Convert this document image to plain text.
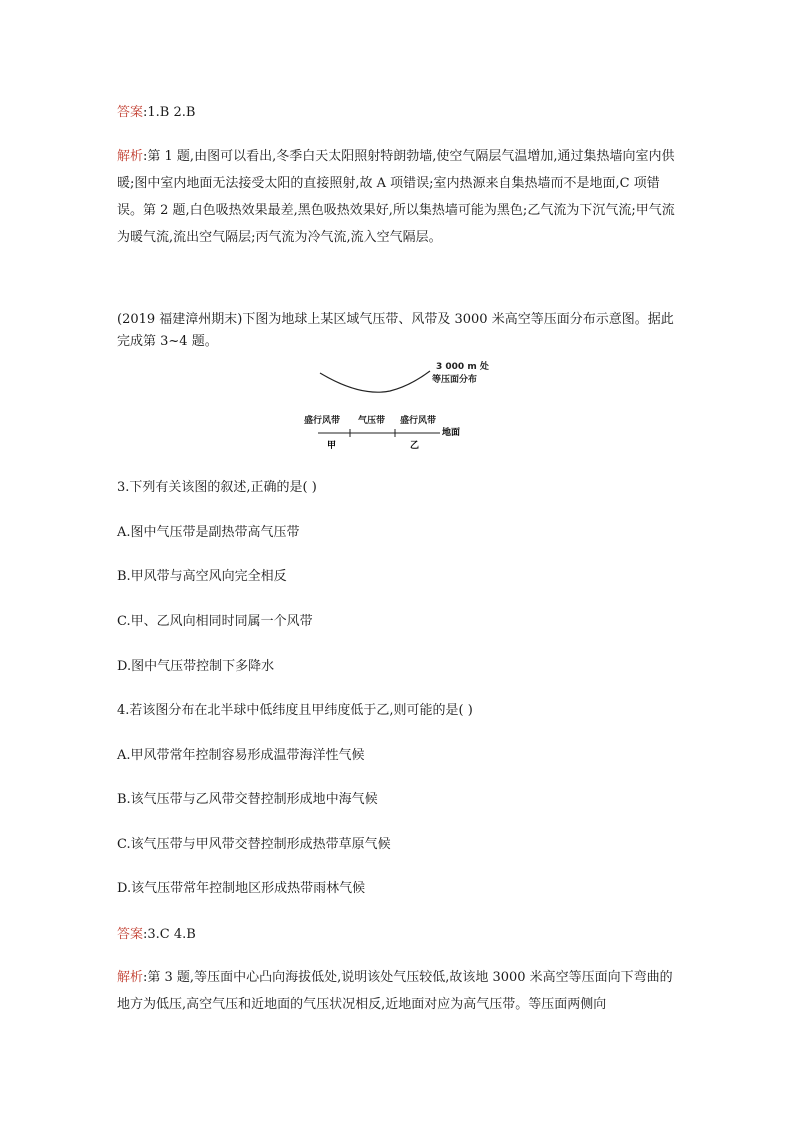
答案:1.B 2.B
解析:第 1 题,由图可以看出,冬季白天太阳照射特朗勃墙,使空气隔层气温增加,通过集热墙向室内供暖;图中室内地面无法接受太阳的直接照射,故 A 项错误;室内热源来自集热墙而不是地面,C 项错误。第 2 题,白色吸热效果最差,黑色吸热效果好,所以集热墙可能为黑色;乙气流为下沉气流;甲气流为暖气流,流出空气隔层;丙气流为冷气流,流入空气隔层。
(2019 福建漳州期末)下图为地球上某区域气压带、风带及 3000 米高空等压面分布示意图。据此完成第 3~4 题。
3 000 m 处
等压面分布
盛行风带 气压带 盛行风带
地面
甲	乙
3.下列有关该图的叙述,正确的是( )
A.图中气压带是副热带高气压带
B.甲风带与高空风向完全相反
C.甲、乙风向相同时同属一个风带
D.图中气压带控制下多降水
4.若该图分布在北半球中低纬度且甲纬度低于乙,则可能的是( )
A.甲风带常年控制容易形成温带海洋性气候
B.该气压带与乙风带交替控制形成地中海气候
C.该气压带与甲风带交替控制形成热带草原气候
D.该气压带常年控制地区形成热带雨林气候
答案:3.C 4.B
解析:第 3 题,等压面中心凸向海拔低处,说明该处气压较低,故该地 3000 米高空等压面向下弯曲的地方为低压,高空气压和近地面的气压状况相反,近地面对应为高气压带。等压面两侧向
